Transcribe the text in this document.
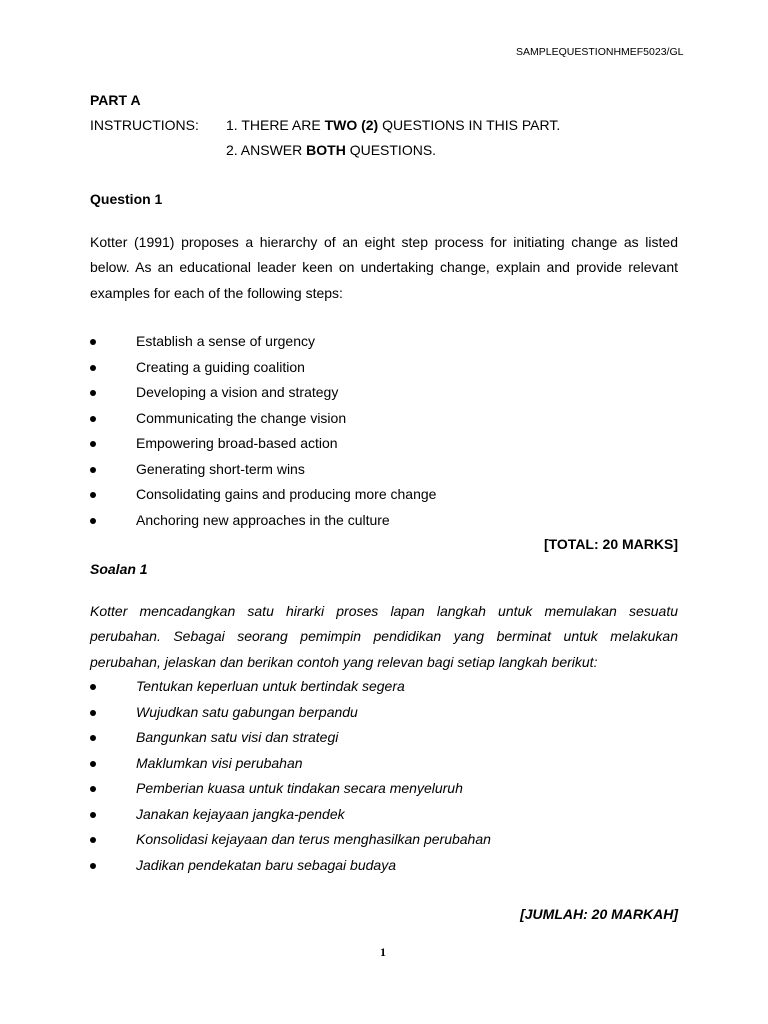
SAMPLEQUESTIONHMEF5023/GL
PART A
INSTRUCTIONS: 1. THERE ARE TWO (2) QUESTIONS IN THIS PART.
2. ANSWER BOTH QUESTIONS.
Question 1
Kotter (1991) proposes a hierarchy of an eight step process for initiating change as listed below. As an educational leader keen on undertaking change, explain and provide relevant examples for each of the following steps:
Establish a sense of urgency
Creating a guiding coalition
Developing a vision and strategy
Communicating the change vision
Empowering broad-based action
Generating short-term wins
Consolidating gains and producing more change
Anchoring new approaches in the culture
[TOTAL: 20 MARKS]
Soalan 1
Kotter mencadangkan satu hirarki proses lapan langkah untuk memulakan sesuatu perubahan. Sebagai seorang pemimpin pendidikan yang berminat untuk melakukan perubahan, jelaskan dan berikan contoh yang relevan bagi setiap langkah berikut:
Tentukan keperluan untuk bertindak segera
Wujudkan satu gabungan berpandu
Bangunkan satu visi dan strategi
Maklumkan visi perubahan
Pemberian kuasa untuk tindakan secara menyeluruh
Janakan kejayaan jangka-pendek
Konsolidasi kejayaan dan terus menghasilkan perubahan
Jadikan pendekatan baru sebagai budaya
[JUMLAH: 20 MARKAH]
1
